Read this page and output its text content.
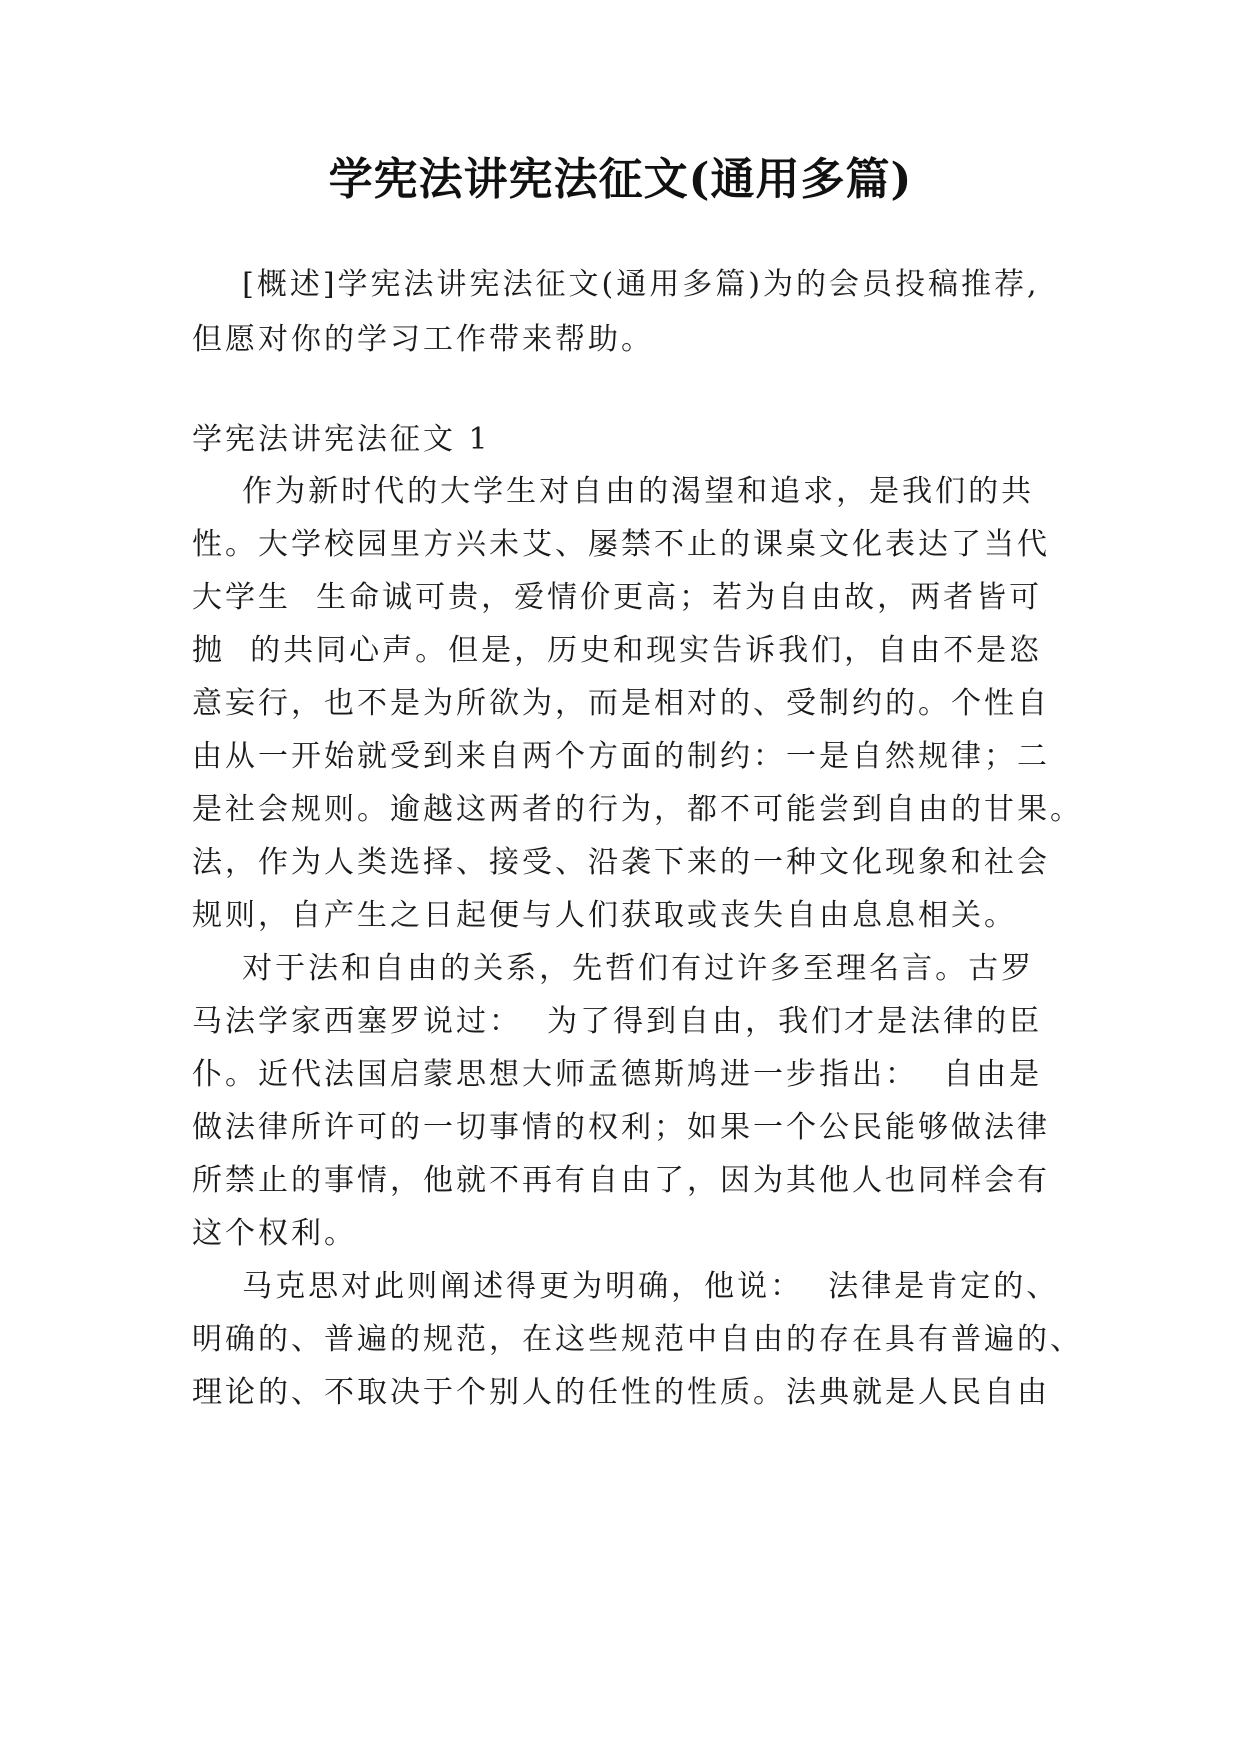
学宪法讲宪法征文(通用多篇)
[概述]学宪法讲宪法征文(通用多篇)为的会员投稿推荐,
但愿对你的学习工作带来帮助。
学宪法讲宪法征文 1
作为新时代的大学生对自由的渴望和追求，是我们的共
性。大学校园里方兴未艾、屡禁不止的课桌文化表达了当代
大学生  生命诚可贵，爱情价更高；若为自由故，两者皆可
抛  的共同心声。但是，历史和现实告诉我们，自由不是恣
意妄行，也不是为所欲为，而是相对的、受制约的。个性自
由从一开始就受到来自两个方面的制约：一是自然规律；二
是社会规则。逾越这两者的行为，都不可能尝到自由的甘果。
法，作为人类选择、接受、沿袭下来的一种文化现象和社会
规则，自产生之日起便与人们获取或丧失自由息息相关。
对于法和自由的关系，先哲们有过许多至理名言。古罗
马法学家西塞罗说过：  为了得到自由，我们才是法律的臣
仆。近代法国启蒙思想大师孟德斯鸠进一步指出：  自由是
做法律所许可的一切事情的权利；如果一个公民能够做法律
所禁止的事情，他就不再有自由了，因为其他人也同样会有
这个权利。
马克思对此则阐述得更为明确，他说：  法律是肯定的、
明确的、普遍的规范，在这些规范中自由的存在具有普遍的、
理论的、不取决于个别人的任性的性质。法典就是人民自由
